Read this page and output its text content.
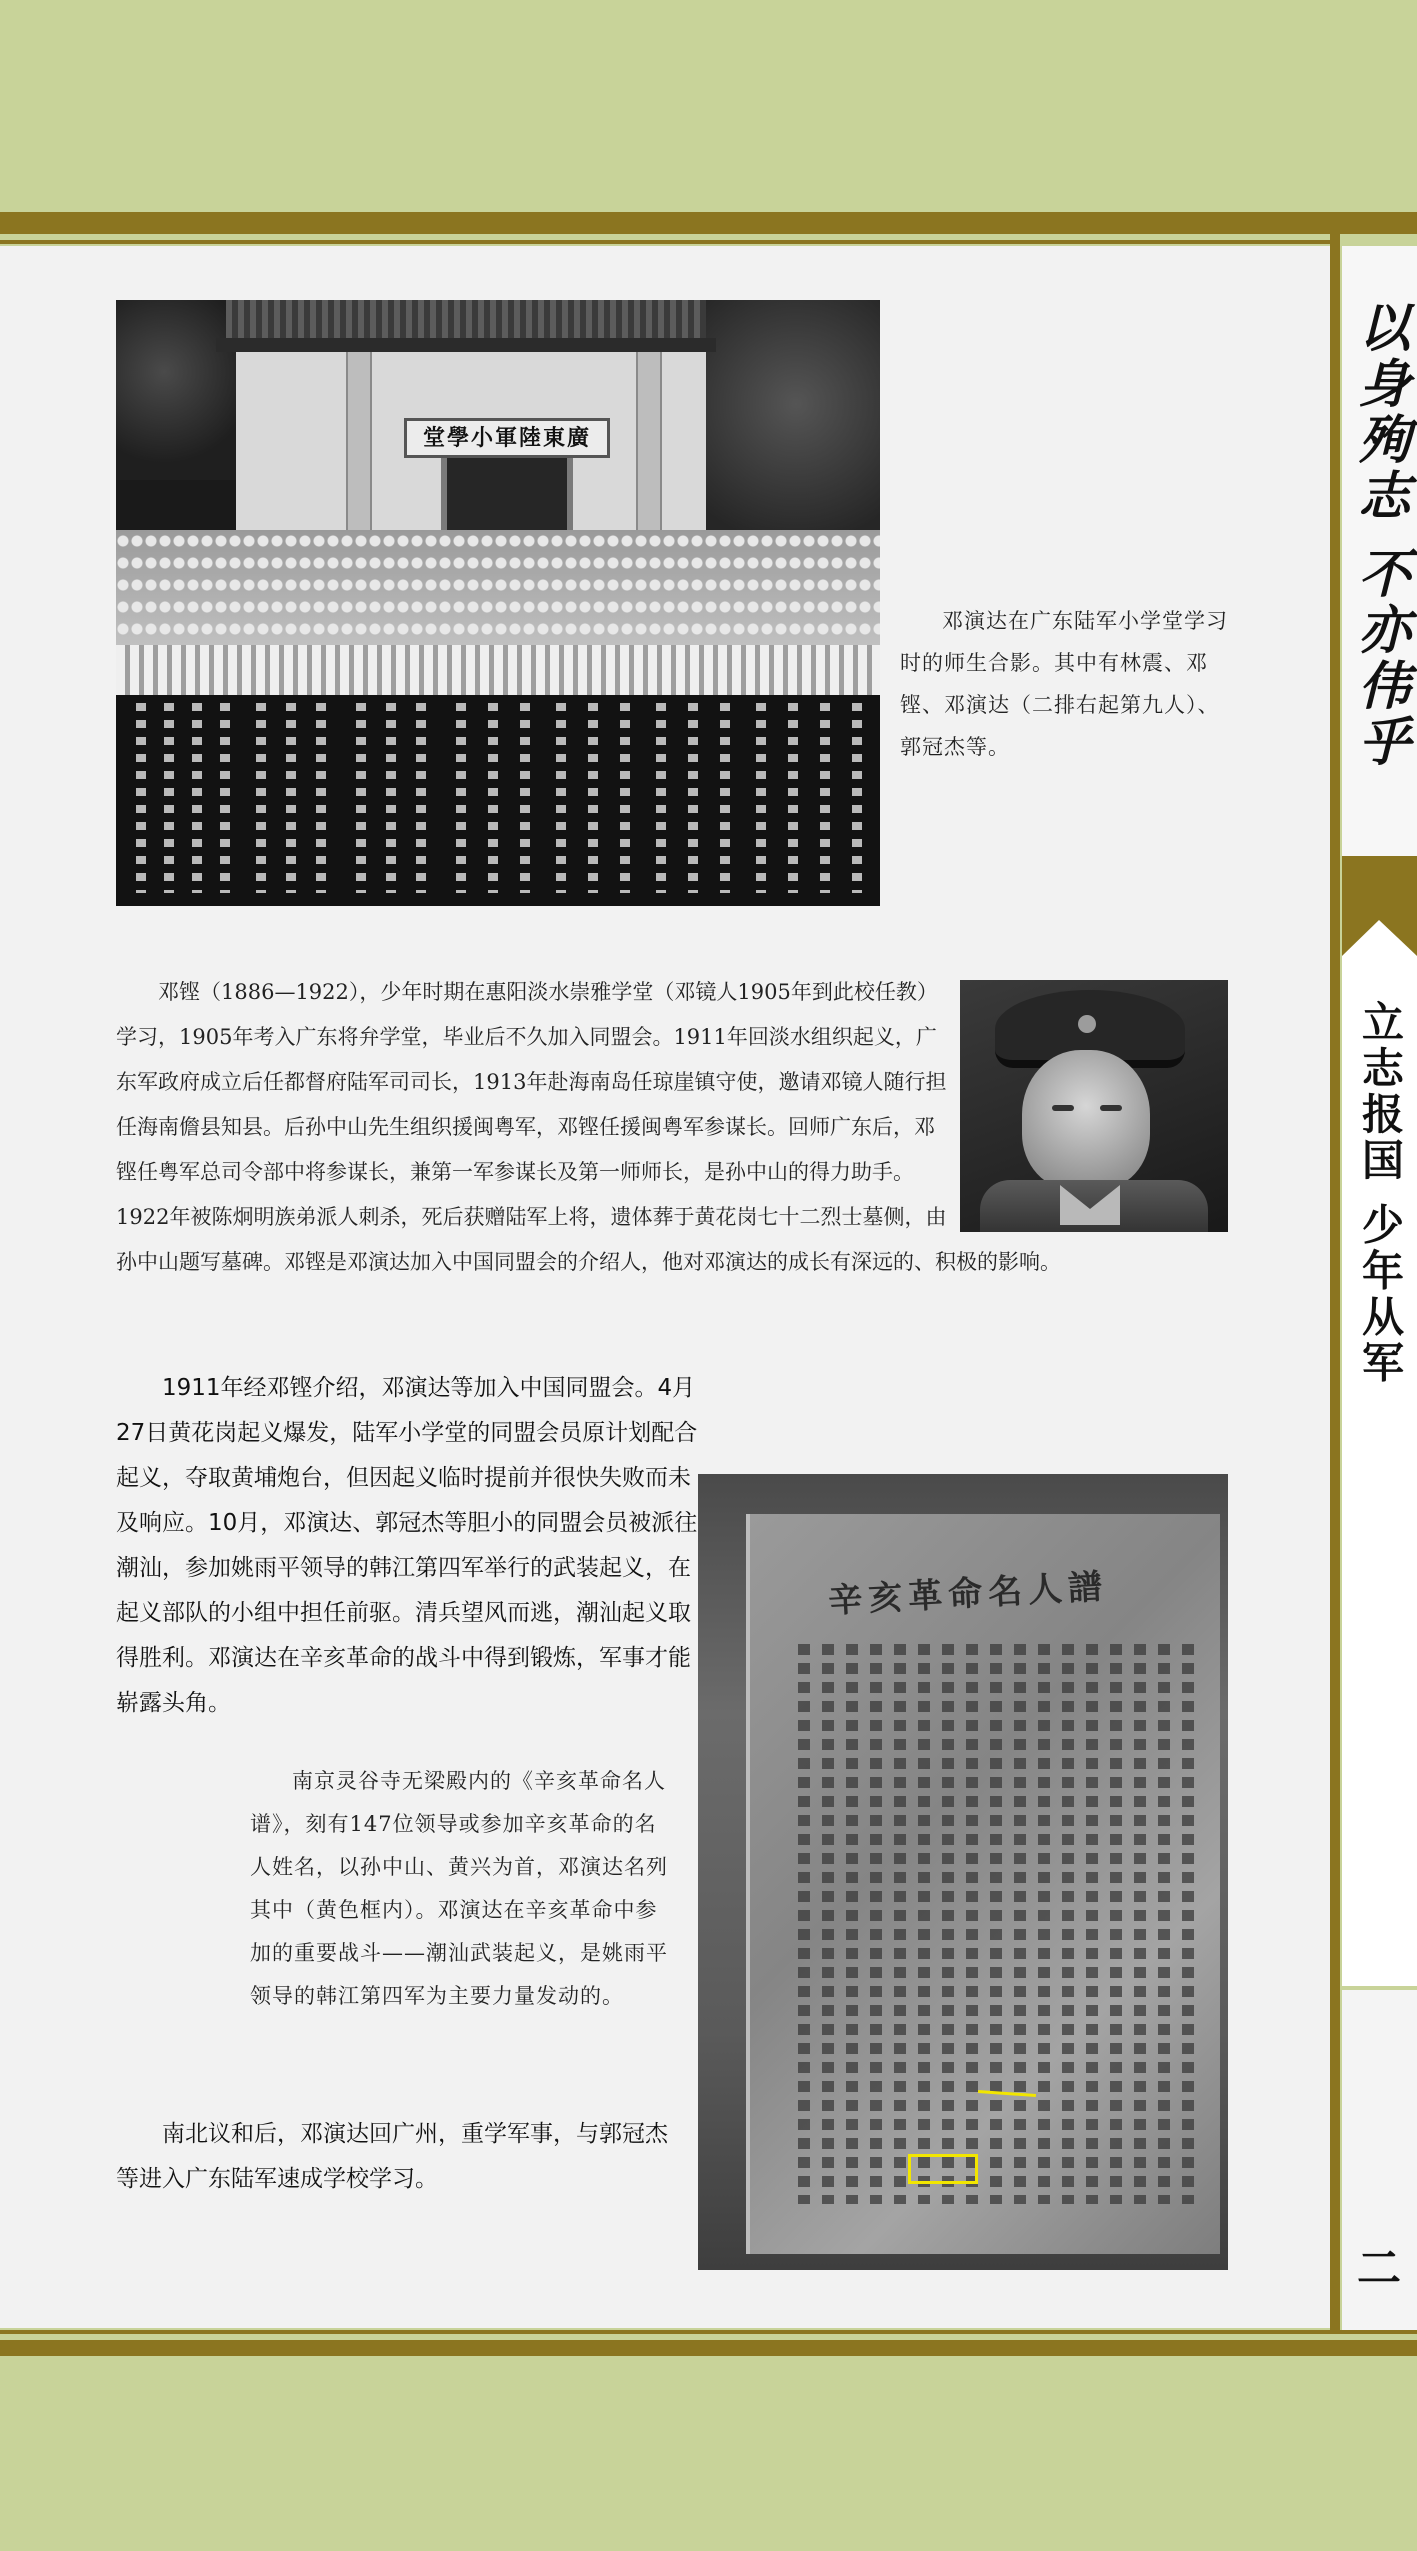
以身殉志 不亦伟乎
立志报国 少年从军
二
堂學小軍陸東廣
邓演达在广东陆军小学堂学习时的师生合影。其中有林震、邓铿、邓演达（二排右起第九人）、郭冠杰等。

邓铿（1886—1922），少年时期在惠阳淡水崇雅学堂（邓镜人1905年到此校任教）学习，1905年考入广东将弁学堂，毕业后不久加入同盟会。1911年回淡水组织起义，广东军政府成立后任都督府陆军司司长，1913年赴海南岛任琼崖镇守使，邀请邓镜人随行担任海南儋县知县。后孙中山先生组织援闽粤军，邓铿任援闽粤军参谋长。回师广东后，邓铿任粤军总司令部中将参谋长，兼第一军参谋长及第一师师长，是孙中山的得力助手。1922年被陈炯明族弟派人刺杀，死后获赠陆军上将，遗体葬于黄花岗七十二烈士墓侧，由孙中山题写墓碑。邓铿是邓演达加入中国同盟会的介绍人，他对邓演达的成长有深远的、积极的影响。

1911年经邓铿介绍，邓演达等加入中国同盟会。4月27日黄花岗起义爆发，陆军小学堂的同盟会员原计划配合起义，夺取黄埔炮台，但因起义临时提前并很快失败而未及响应。10月，邓演达、郭冠杰等胆小的同盟会员被派往潮汕，参加姚雨平领导的韩江第四军举行的武装起义，在起义部队的小组中担任前驱。清兵望风而逃，潮汕起义取得胜利。邓演达在辛亥革命的战斗中得到锻炼，军事才能崭露头角。

辛亥革命名人譜
南京灵谷寺无梁殿内的《辛亥革命名人谱》，刻有147位领导或参加辛亥革命的名人姓名，以孙中山、黄兴为首，邓演达名列其中（黄色框内）。邓演达在辛亥革命中参加的重要战斗——潮汕武装起义，是姚雨平领导的韩江第四军为主要力量发动的。

南北议和后，邓演达回广州，重学军事，与郭冠杰等进入广东陆军速成学校学习。
